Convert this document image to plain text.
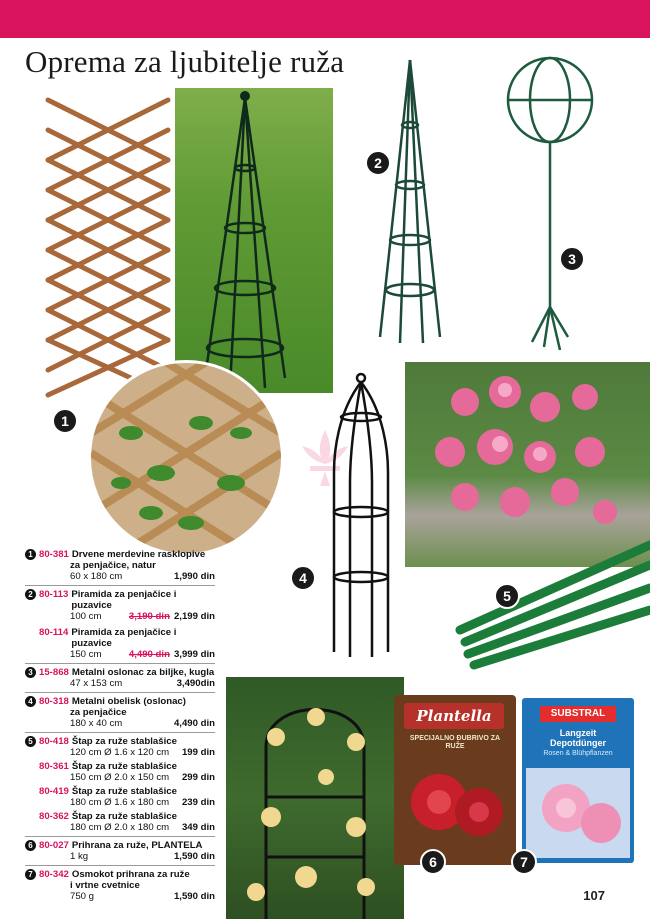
Oprema za ljubitelje ruža
Plantella
SPECIJALNO ĐUBRIVO ZA RUŽE
SUBSTRAL
Langzeit Depotdünger
Rosen & Blühpflanzen
1
2
3
4
5
6	7
1 80-381 Drvene merdevine rasklopive
za penjačice, natur
60 x 180 cm	1,990 din
2 80-113 Piramida za penjačice i puzavice
100 cm	3,190 din 2,199 din
80-114 Piramida za penjačice i puzavice
150 cm	4,490 din 3,999 din
3 15-868 Metalni oslonac za biljke, kugla
47 x 153 cm	3,490din
4 80-318 Metalni obelisk (oslonac)
za penjačice
180 x 40 cm	4,490 din
5 80-418 Štap za ruže stablašice
120 cm Ø 1.6 x 120 cm 199 din
80-361 Štap za ruže stablašice
150 cm Ø 2.0 x 150 cm 299 din
80-419 Štap za ruže stablašice
180 cm Ø 1.6 x 180 cm 239 din
80-362 Štap za ruže stablašice
180 cm Ø 2.0 x 180 cm 349 din
6 80-027 Prihrana za ruže, PLANTELA
1 kg	1,590 din
7 80-342 Osmokot prihrana za ruže
i vrtne cvetnice
750 g	1,590 din	107
